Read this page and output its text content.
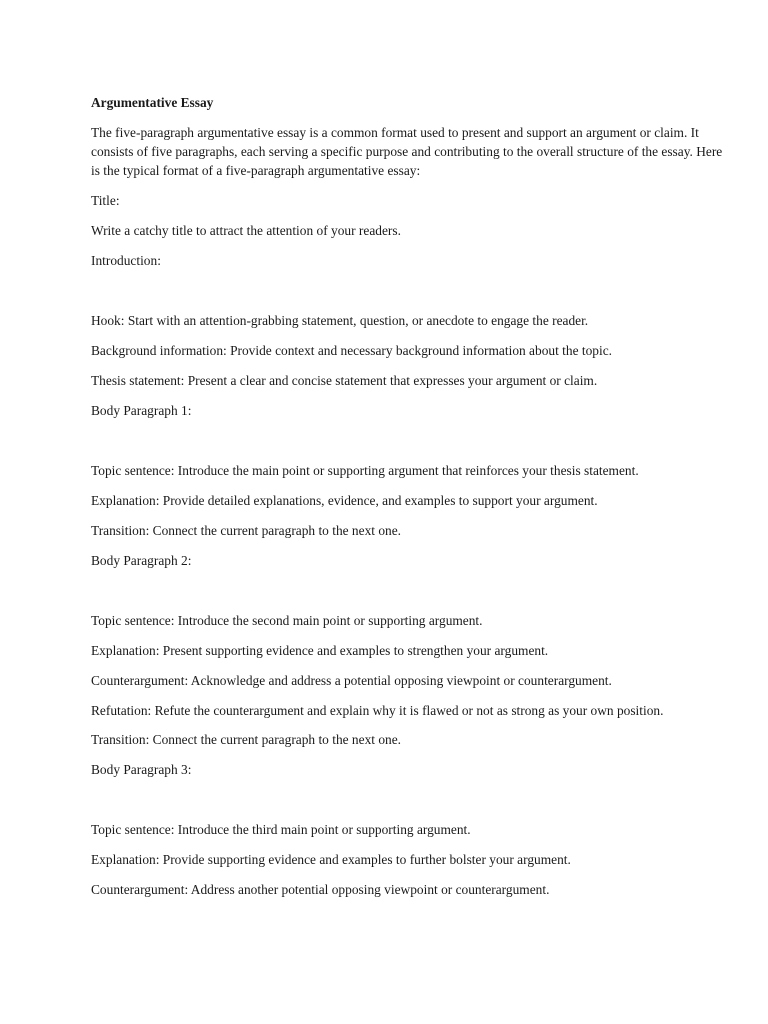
Argumentative Essay
The five-paragraph argumentative essay is a common format used to present and support an argument or claim. It consists of five paragraphs, each serving a specific purpose and contributing to the overall structure of the essay. Here is the typical format of a five-paragraph argumentative essay:
Title:
Write a catchy title to attract the attention of your readers.
Introduction:
Hook: Start with an attention-grabbing statement, question, or anecdote to engage the reader.
Background information: Provide context and necessary background information about the topic.
Thesis statement: Present a clear and concise statement that expresses your argument or claim.
Body Paragraph 1:
Topic sentence: Introduce the main point or supporting argument that reinforces your thesis statement.
Explanation: Provide detailed explanations, evidence, and examples to support your argument.
Transition: Connect the current paragraph to the next one.
Body Paragraph 2:
Topic sentence: Introduce the second main point or supporting argument.
Explanation: Present supporting evidence and examples to strengthen your argument.
Counterargument: Acknowledge and address a potential opposing viewpoint or counterargument.
Refutation: Refute the counterargument and explain why it is flawed or not as strong as your own position.
Transition: Connect the current paragraph to the next one.
Body Paragraph 3:
Topic sentence: Introduce the third main point or supporting argument.
Explanation: Provide supporting evidence and examples to further bolster your argument.
Counterargument: Address another potential opposing viewpoint or counterargument.
